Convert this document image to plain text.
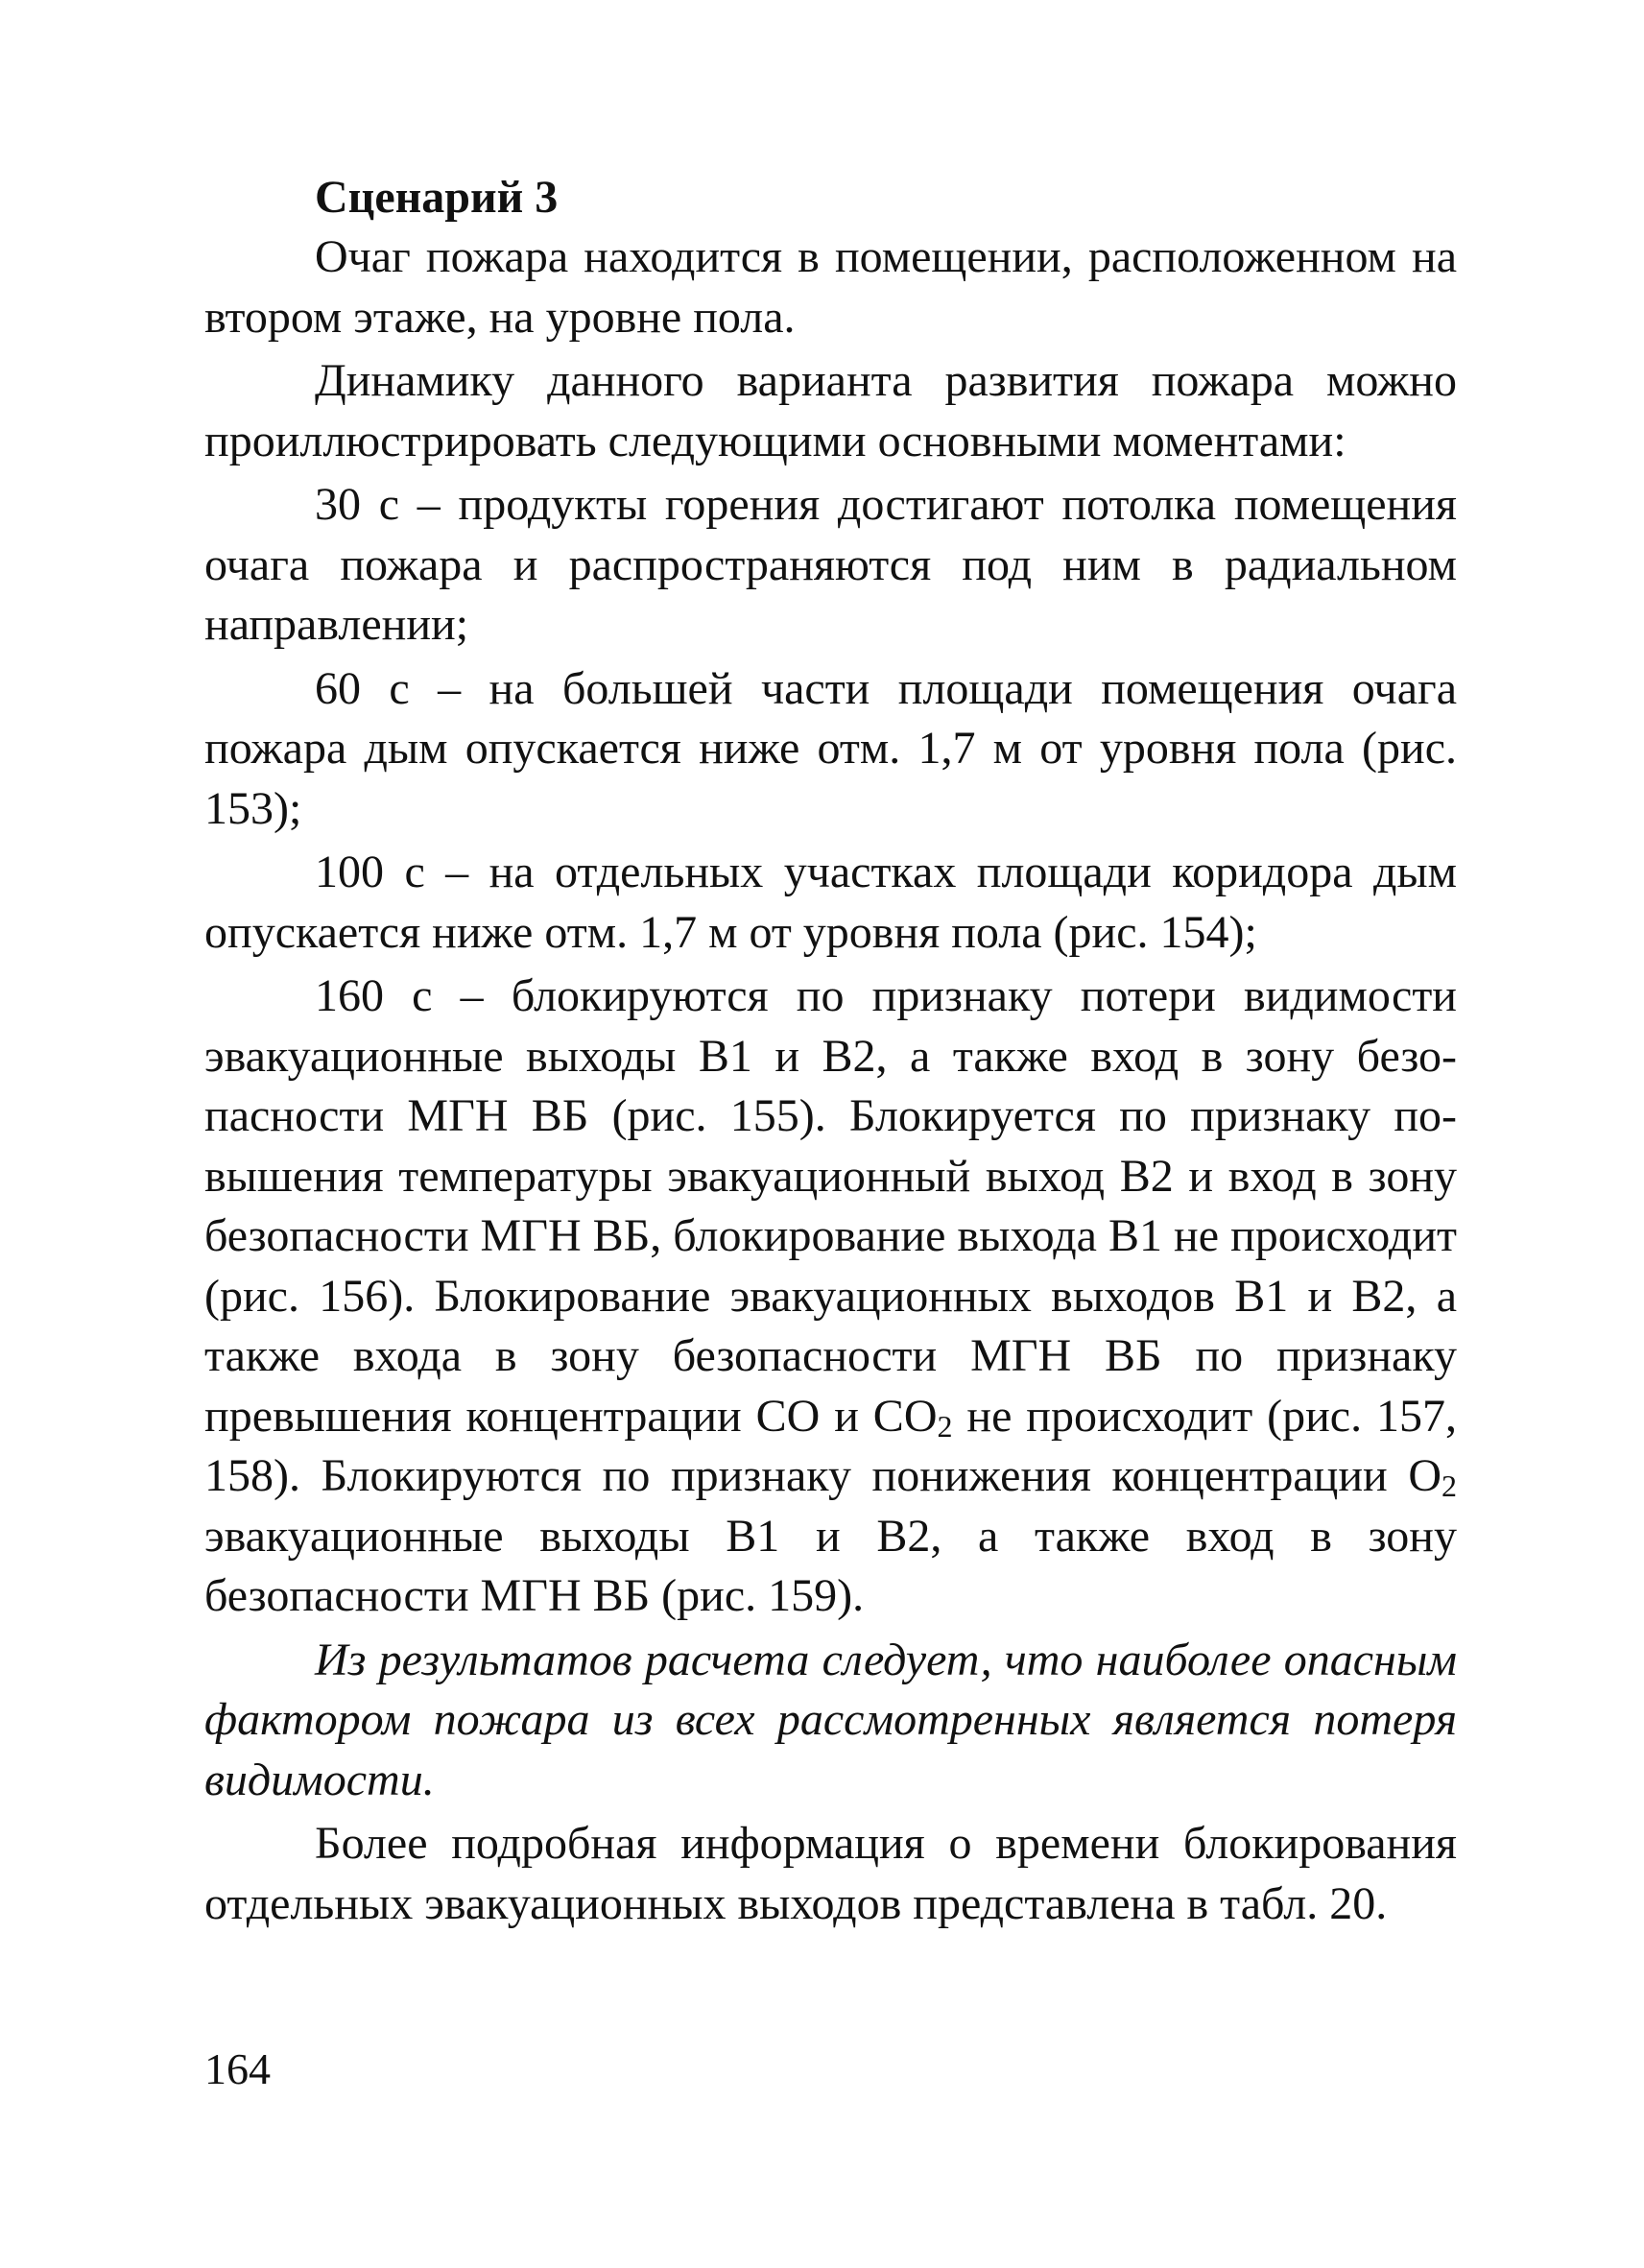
Сценарий 3

Очаг пожара находится в помещении, расположенном на втором этаже, на уровне пола.

Динамику данного варианта развития пожара можно проиллюстрировать следующими основными моментами:

30 с – продукты горения достигают потолка помещения очага пожара и распространяются под ним в радиальном направлении;

60 с – на большей части площади помещения очага пожара дым опускается ниже отм. 1,7 м от уровня пола (рис. 153);

100 с – на отдельных участках площади коридора дым опускается ниже отм. 1,7 м от уровня пола (рис. 154);

160 с – блокируются по признаку потери видимости эвакуационные выходы В1 и В2, а также вход в зону безопасности МГН ВБ (рис. 155). Блокируется по признаку повышения температуры эвакуационный выход В2 и вход в зону безопасности МГН ВБ, блокирование выхода В1 не происходит (рис. 156). Блокирование эвакуационных выходов В1 и В2, а также входа в зону безопасности МГН ВБ по признаку превышения концентрации СО и $СО_2$ не происходит (рис. 157, 158). Блокируются по признаку понижения концентрации $О_2$ эвакуационные выходы В1 и В2, а также вход в зону безопасности МГН ВБ (рис. 159).

Из результатов расчета следует, что наиболее опасным фактором пожара из всех рассмотренных является потеря видимости.

Более подробная информация о времени блокирования отдельных эвакуационных выходов представлена в табл. 20.

164
